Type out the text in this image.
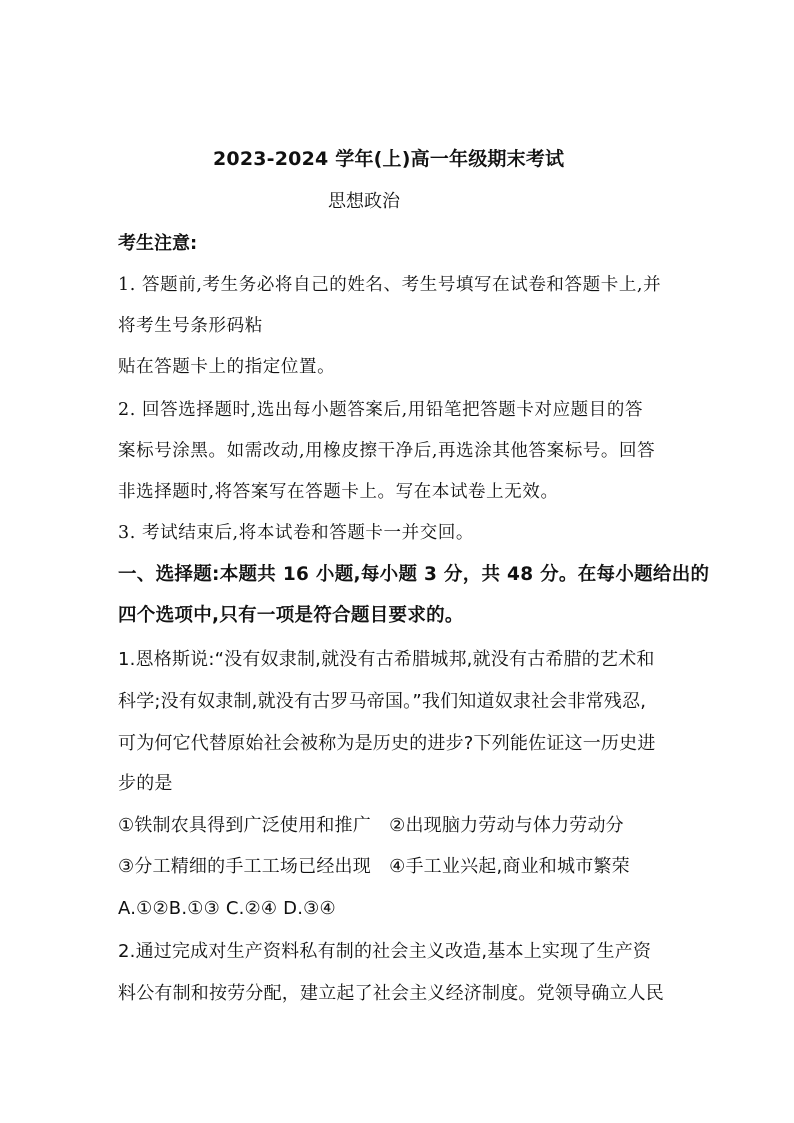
2023-2024 学年(上)高一年级期末考试
思想政治
考生注意:
1. 答题前,考生务必将自己的姓名、考生号填写在试卷和答题卡上,并
将考生号条形码粘
贴在答题卡上的指定位置。
2. 回答选择题时,选出每小题答案后,用铅笔把答题卡对应题目的答
案标号涂黑。如需改动,用橡皮擦干净后,再选涂其他答案标号。回答
非选择题时,将答案写在答题卡上。写在本试卷上无效。
3. 考试结束后,将本试卷和答题卡一并交回。
一、选择题:本题共 16 小题,每小题 3 分，共 48 分。在每小题给出的
四个选项中,只有一项是符合题目要求的。
1.恩格斯说:“没有奴隶制,就没有古希腊城邦,就没有古希腊的艺术和
科学;没有奴隶制,就没有古罗马帝国。”我们知道奴隶社会非常残忍,
可为何它代替原始社会被称为是历史的进步?下列能佐证这一历史进
步的是
①铁制农具得到广泛使用和推广　②出现脑力劳动与体力劳动分
③分工精细的手工工场已经出现　④手工业兴起,商业和城市繁荣
A.①②B.①③ C.②④ D.③④
2.通过完成对生产资料私有制的社会主义改造,基本上实现了生产资
料公有制和按劳分配，建立起了社会主义经济制度。党领导确立人民
